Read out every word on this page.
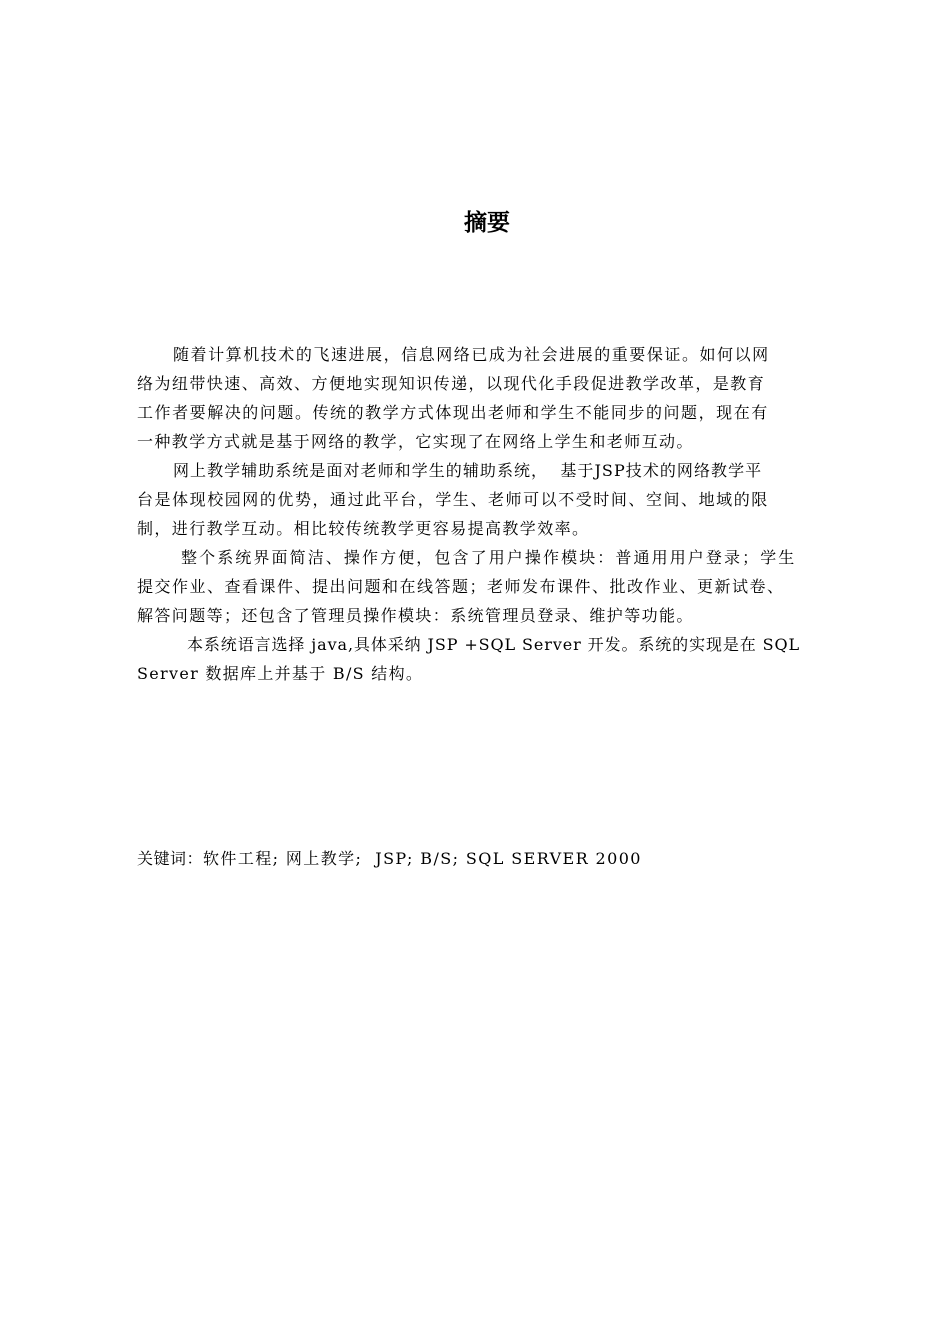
摘要
随着计算机技术的飞速进展，信息网络已成为社会进展的重要保证。如何以网
络为纽带快速、高效、方便地实现知识传递，以现代化手段促进教学改革，是教育
工作者要解决的问题。传统的教学方式体现出老师和学生不能同步的问题，现在有
一种教学方式就是基于网络的教学，它实现了在网络上学生和老师互动。
网上教学辅助系统是面对老师和学生的辅助系统，  基于JSP技术的网络教学平
台是体现校园网的优势，通过此平台，学生、老师可以不受时间、空间、地域的限
制，进行教学互动。相比较传统教学更容易提高教学效率。
整个系统界面简洁、操作方便，包含了用户操作模块：普通用用户登录；学生
提交作业、查看课件、提出问题和在线答题；老师发布课件、批改作业、更新试卷、
解答问题等；还包含了管理员操作模块：系统管理员登录、维护等功能。
本系统语言选择 java,具体采纳 JSP +SQL Server 开发。系统的实现是在 SQL
Server 数据库上并基于 B/S 结构。
关键词：软件工程; 网上教学;  JSP; B/S; SQL SERVER 2000
